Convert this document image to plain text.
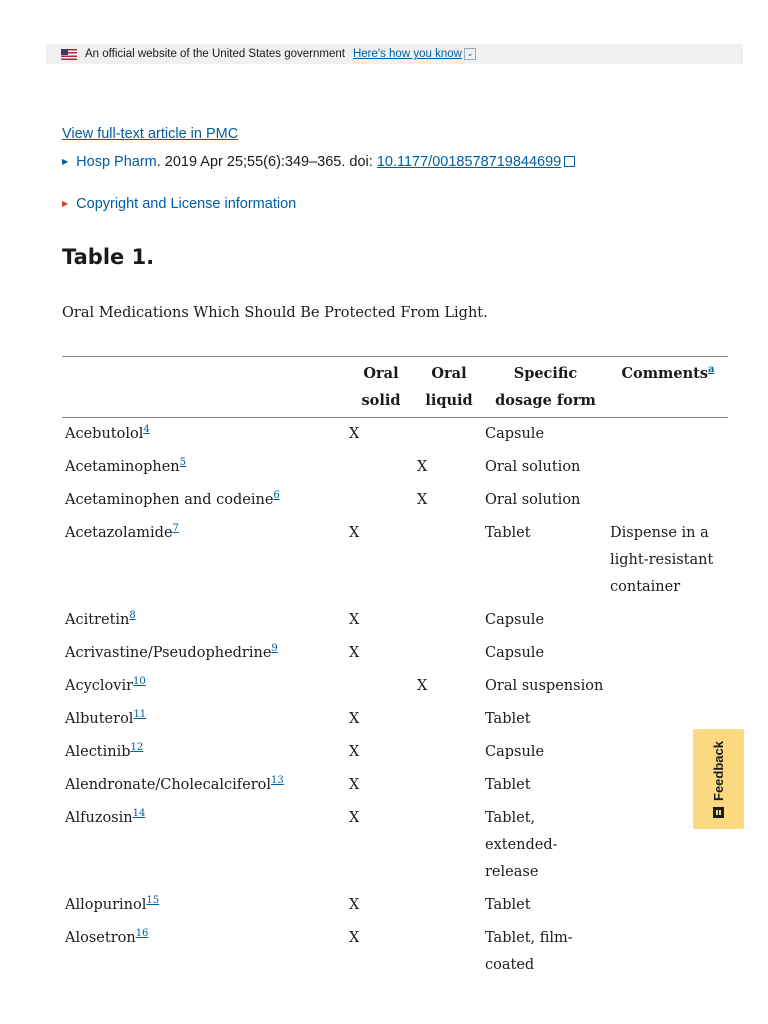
An official website of the United States government Here's how you know ⌄
View full-text article in PMC
▶ Hosp Pharm. 2019 Apr 25;55(6):349–365. doi: 10.1177/0018578719844699
▶ Copyright and License information
Table 1.

Oral Medications Which Should Be Protected From Light.

	Oral solid	Oral liquid	Specific dosage form	Comments$^a$
Acebutolol$^4$	X		Capsule	
Acetaminophen$^5$		X	Oral solution	
Acetaminophen and codeine$^6$		X	Oral solution	
Acetazolamide$^7$	X		Tablet	Dispense in a light-resistant container
Acitretin$^8$	X		Capsule	
Acrivastine/Pseudophedrine$^9$	X		Capsule	
Acyclovir$^{10}$		X	Oral suspension	
Albuterol$^{11}$	X		Tablet	
Alectinib$^{12}$	X		Capsule	
Alendronate/Cholecalciferol$^{13}$	X		Tablet	
Alfuzosin$^{14}$	X		Tablet, extended-release	
Allopurinol$^{15}$	X		Tablet	
Alosetron$^{16}$	X		Tablet, film-coated	
Feedback
